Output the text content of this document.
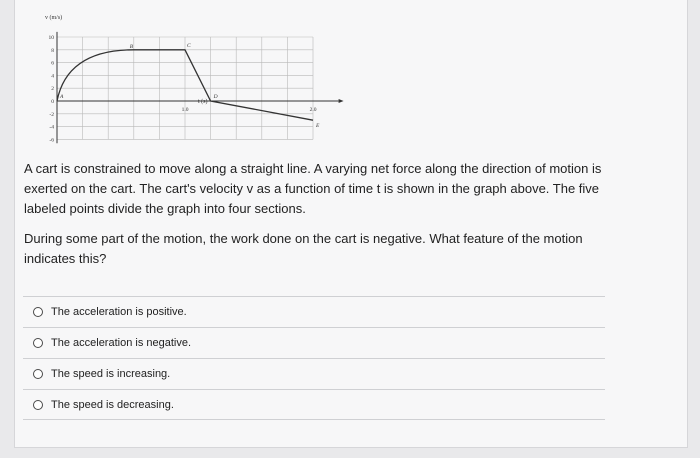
10
8
6
4
2
0
-2
-4
-6
1.0	2.0
A
B	C
D
E
v (m/s)
t (s)

A cart is constrained to move along a straight line. A varying net force along the direction of motion is exerted on the cart. The cart's velocity v as a function of time t is shown in the graph above. The five labeled points divide the graph into four sections.

During some part of the motion, the work done on the cart is negative. What feature of the motion indicates this?

The acceleration is positive.
The acceleration is negative.
The speed is increasing.
The speed is decreasing.
